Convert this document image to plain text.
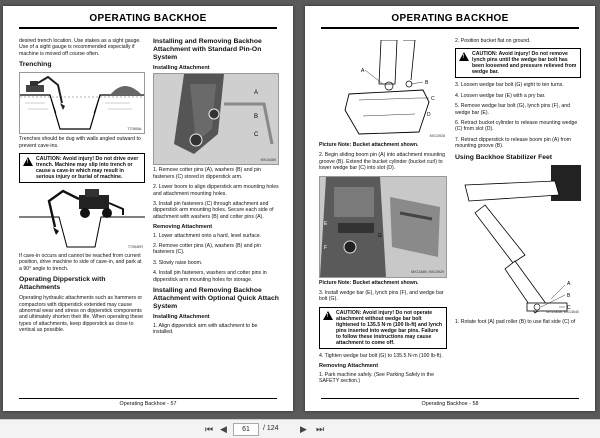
OPERATING BACKHOE

desired trench location. Use stakes as a sight gauge. Use of a sight gauge is recommended especially if machine is moved off course often.

Trenching
T7089AL

Trenches should be dug with walls angled outward to prevent cave-ins.

!
CAUTION: Avoid injury! Do not drive over trench. Machine may slip into trench or cause a cave-in which may result in serious injury or burial of machine.
T7054ER

If cave-in occurs and cannot be reached from current position, drive machine to side of cave-in, and park at a 90° angle to trench.

Operating Dipperstick with Attachments

Operating hydraulic attachments such as hammers or compactors with dipperstick extended may cause abnormal wear and stress on dipperstick components and ultimately shorten their life. When operating these types of attachments, keep dipperstick as close to vertical as possible.

Installing and Removing Backhoe Attachment with Standard Pin-On System
Installing Attachment
A
B
C
MX10489

1. Remove cotter pins (A), washers (B) and pin fasteners (C) stored in dipperstick arm.

2. Lower boom to align dipperstick arm mounting holes and attachment mounting holes.

3. Install pin fasteners (C) through attachment and dipperstick arm mounting holes. Secure each side of attachment with washers (B) and cotter pins (A).

Removing Attachment

1. Lower attachment onto a hard, level surface.

2. Remove cotter pins (A), washers (B) and pin fasteners (C).

3. Slowly raise boom.

4. Install pin fasteners, washers and cotter pins in dipperstick arm mounting holes for storage.

Installing and Removing Backhoe Attachment with Optional Quick Attach System
Installing Attachment

1. Align dipperstick arm with attachment to be installed.

Operating Backhoe - 57
OPERATING BACKHOE
A
B
C
D
MX13928

Picture Note: Bucket attachment shown.

2. Begin sliding boom pin (A) into attachment mounting groove (B). Extend the bucket cylinder (bucket curl) to lower wedge bar (C) into slot (D).

E
F
G
MX13489, MX13929

Picture Note: Bucket attachment shown.

3. Install wedge bar (E), lynch pins (F), and wedge bar bolt (G).

!
CAUTION: Avoid injury! Do not operate attachment without wedge bar bolt tightened to 135.5 N·m (100 lb-ft) and lynch pins inserted into wedge bar pins. Failure to follow these instructions may cause attachment to come off.

4. Tighten wedge bar bolt (G) to 135.5 N·m (100 lb-ft).

Removing Attachment

1. Park machine safely. (See Parking Safely in the SAFETY section.)

2. Position bucket flat on ground.

!
CAUTION: Avoid injury! Do not remove lynch pins until the wedge bar bolt has been loosened and pressure relieved from wedge bar.

3. Loosen wedge bar bolt (G) eight to ten turns.

4. Loosen wedge bar (E) with a pry bar.

5. Remove wedge bar bolt (G), lynch pins (F), and wedge bar (E).

6. Retract bucket cylinder to release mounting wedge (C) from slot (D).

7. Retract dipperstick to release boom pin (A) from mounting groove (B).

Using Backhoe Stabilizer Feet
A
B
C
MX13858, MX13640

1. Rotate foot (A) pad roller (B) to use flat side (C) of

Operating Backhoe - 58
⏮ ◀	61	/ 124 ▶ ⏭
